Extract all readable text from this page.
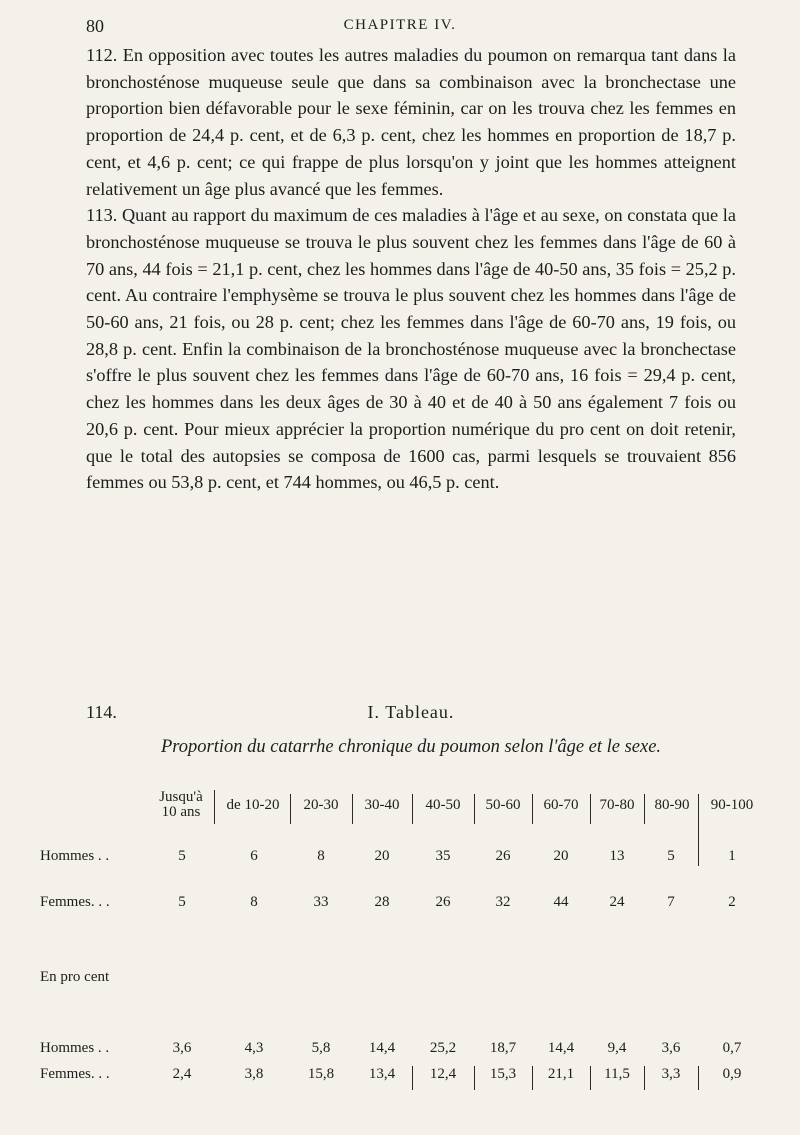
80	CHAPITRE IV.

112. En opposition avec toutes les autres maladies du poumon on remarqua tant dans la bronchosténose muqueuse seule que dans sa combinaison avec la bronchectase une proportion bien défavorable pour le sexe féminin, car on les trouva chez les femmes en proportion de 24,4 p. cent, et de 6,3 p. cent, chez les hommes en proportion de 18,7 p. cent, et 4,6 p. cent; ce qui frappe de plus lorsqu'on y joint que les hommes atteignent relativement un âge plus avancé que les femmes.

113. Quant au rapport du maximum de ces maladies à l'âge et au sexe, on constata que la bronchosténose muqueuse se trouva le plus souvent chez les femmes dans l'âge de 60 à 70 ans, 44 fois = 21,1 p. cent, chez les hommes dans l'âge de 40-50 ans, 35 fois = 25,2 p. cent. Au contraire l'emphysème se trouva le plus souvent chez les hommes dans l'âge de 50-60 ans, 21 fois, ou 28 p. cent; chez les femmes dans l'âge de 60-70 ans, 19 fois, ou 28,8 p. cent. Enfin la combinaison de la bronchosténose muqueuse avec la bronchectase s'offre le plus souvent chez les femmes dans l'âge de 60-70 ans, 16 fois = 29,4 p. cent, chez les hommes dans les deux âges de 30 à 40 et de 40 à 50 ans également 7 fois ou 20,6 p. cent. Pour mieux apprécier la proportion numérique du pro cent on doit retenir, que le total des autopsies se composa de 1600 cas, parmi lesquels se trouvaient 856 femmes ou 53,8 p. cent, et 744 hommes, ou 46,5 p. cent.

114.	I. Tableau.
Proportion du catarrhe chronique du poumon selon l'âge et le sexe.
Jusqu'à
10 ans	de 10-20	20-30	30-40	40-50	50-60	60-70	70-80	80-90	90-100
Hommes . .	5	6	8	20	35	26	20	13	5	1
Femmes. . .	5	8	33	28	26	32	44	24	7	2
Hommes . .	3,6	4,3	5,8	14,4	25,2	18,7	14,4	9,4	3,6	0,7
Femmes. . .	2,4	3,8	15,8	13,4	12,4	15,3	21,1	11,5	3,3	0,9
En pro cent
